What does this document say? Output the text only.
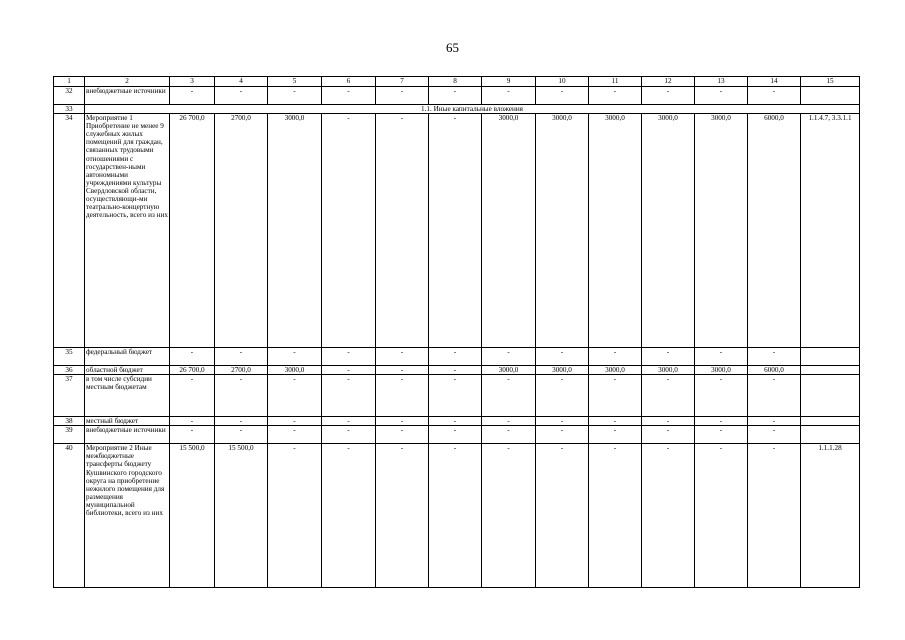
65
1	2	3	4	5	6	7	8	9	10	11	12	13	14	15
32	внебюджетные источники	-	-	-	-	-	-	-	-	-	-	-	-	
33	1.1. Иные капитальные вложения													
34	Мероприятие 1 Приобретение не менее 9 служебных жилых помещений для граждан, связанных трудовыми отношениями с государствен-ными автономными учреждениями культуры Свердловской области, осуществляющи-ми театрально-концертную деятельность, всего из них	26 700,0	2700,0	3000,0	-	-	-	3000,0	3000,0	3000,0	3000,0	3000,0	6000,0	1.1.4.7, 3.3.1.1
35	федеральный бюджет	-	-	-	-	-	-	-	-	-	-	-	-	
36	областной бюджет	26 700,0	2700,0	3000,0	-	-	-	3000,0	3000,0	3000,0	3000,0	3000,0	6000,0	
37	в том числе субсидии местным бюджетам	-	-	-	-	-	-	-	-	-	-	-	-	
38	местный бюджет	-	-	-	-	-	-	-	-	-	-	-	-	
39	внебюджетные источники	-	-	-	-	-	-	-	-	-	-	-	-	
40	Мероприятие 2 Иные межбюджетные трансферты бюджету Кушвинского городского округа на приобретение нежилого помещения для размещения муниципальной библиотеки, всего из них	15 500,0	15 500,0	-	-	-	-	-	-	-	-	-	-	1.1.1.28
